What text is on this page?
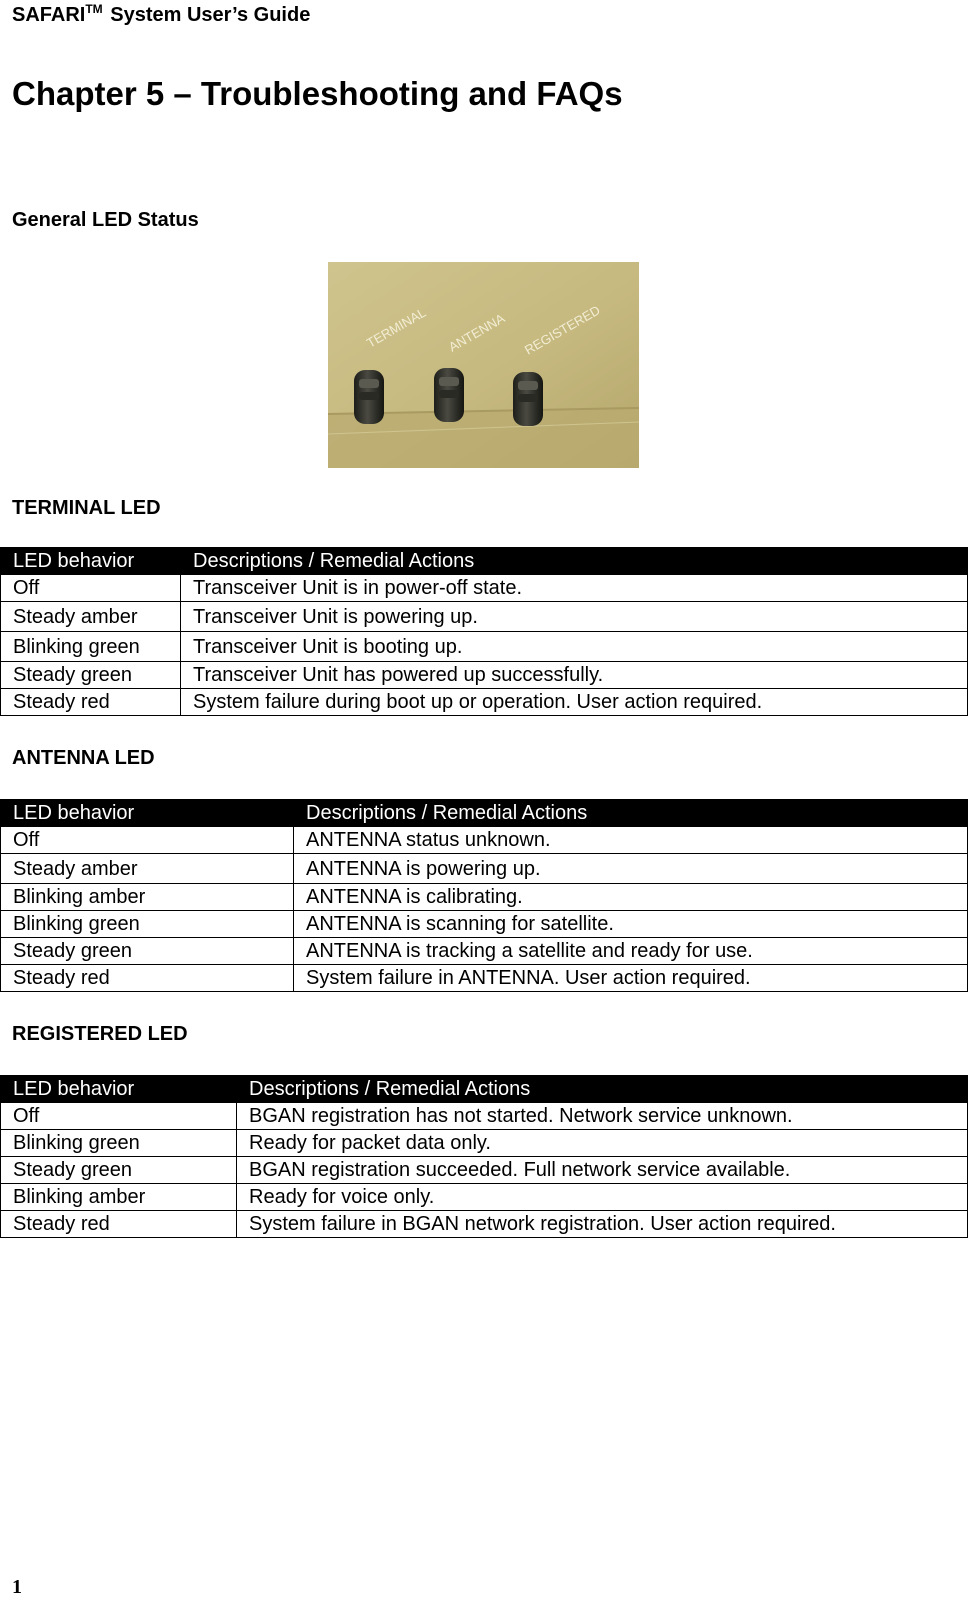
SAFARI™ System User’s Guide
Chapter 5 – Troubleshooting and FAQs
General LED Status
TERMINAL ANTENNA REGISTERED
TERMINAL LED
LED behavior	Descriptions / Remedial Actions
Off	Transceiver Unit is in power-off state.
Steady amber	Transceiver Unit is powering up.
Blinking green	Transceiver Unit is booting up.
Steady green	Transceiver Unit has powered up successfully.
Steady red	System failure during boot up or operation. User action required.
ANTENNA LED
LED behavior	Descriptions / Remedial Actions
Off	ANTENNA status unknown.
Steady amber	ANTENNA is powering up.
Blinking amber	ANTENNA is calibrating.
Blinking green	ANTENNA is scanning for satellite.
Steady green	ANTENNA is tracking a satellite and ready for use.
Steady red	System failure in ANTENNA. User action required.
REGISTERED LED
LED behavior	Descriptions / Remedial Actions
Off	BGAN registration has not started. Network service unknown.
Blinking green	Ready for packet data only.
Steady green	BGAN registration succeeded. Full network service available.
Blinking amber	Ready for voice only.
Steady red	System failure in BGAN network registration. User action required.
1
